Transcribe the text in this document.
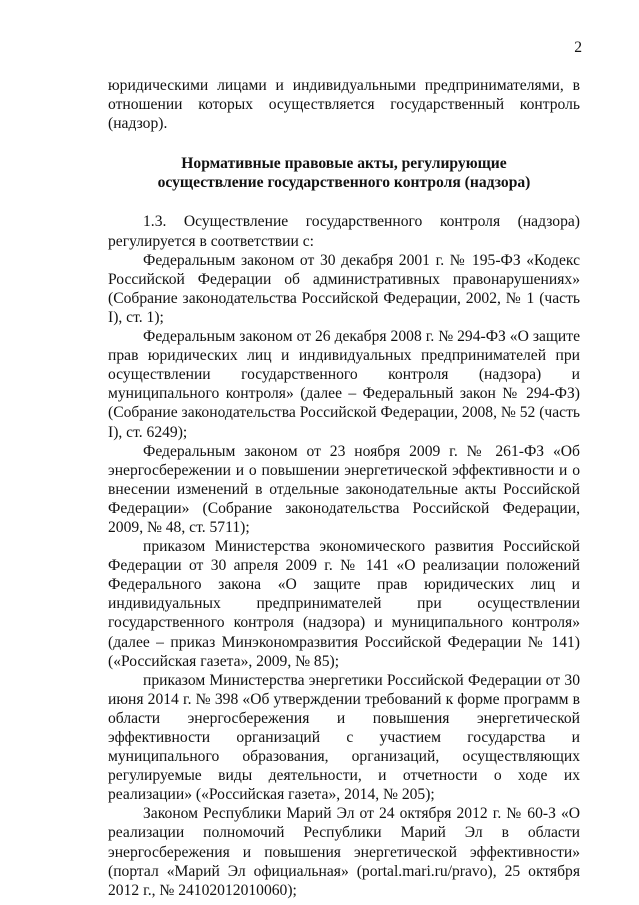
2

юридическими лицами и индивидуальными предпринимателями, в отношении которых осуществляется государственный контроль (надзор).

Нормативные правовые акты, регулирующие

осуществление государственного контроля (надзора)

1.3. Осуществление государственного контроля (надзора) регулируется в соответствии с:

Федеральным законом от 30 декабря 2001 г. № 195-ФЗ «Кодекс Российской Федерации об административных правонарушениях» (Собрание законодательства Российской Федерации, 2002, № 1 (часть I), ст. 1);

Федеральным законом от 26 декабря 2008 г. № 294-ФЗ «О защите прав юридических лиц и индивидуальных предпринимателей при осуществлении государственного контроля (надзора) и муниципального контроля» (далее – Федеральный закон № 294-ФЗ) (Собрание законодательства Российской Федерации, 2008, № 52 (часть I), ст. 6249);

Федеральным законом от 23 ноября 2009 г. № 261-ФЗ «Об энергосбережении и о повышении энергетической эффективности и о внесении изменений в отдельные законодательные акты Российской Федерации» (Собрание законодательства Российской Федерации, 2009, № 48, ст. 5711);

приказом Министерства экономического развития Российской Федерации от 30 апреля 2009 г. № 141 «О реализации положений Федерального закона «О защите прав юридических лиц и индивидуальных предпринимателей при осуществлении государственного контроля (надзора) и муниципального контроля» (далее – приказ Минэкономразвития Российской Федерации № 141) («Российская газета», 2009, № 85);

приказом Министерства энергетики Российской Федерации от 30 июня 2014 г. № 398 «Об утверждении требований к форме программ в области энергосбережения и повышения энергетической эффективности организаций с участием государства и муниципального образования, организаций, осуществляющих регулируемые виды деятельности, и отчетности о ходе их реализации» («Российская газета», 2014, № 205);

Законом Республики Марий Эл от 24 октября 2012 г. № 60-З «О реализации полномочий Республики Марий Эл в области энергосбережения и повышения энергетической эффективности» (портал «Марий Эл официальная» (portal.mari.ru/pravo), 25 октября 2012 г., № 24102012010060);
